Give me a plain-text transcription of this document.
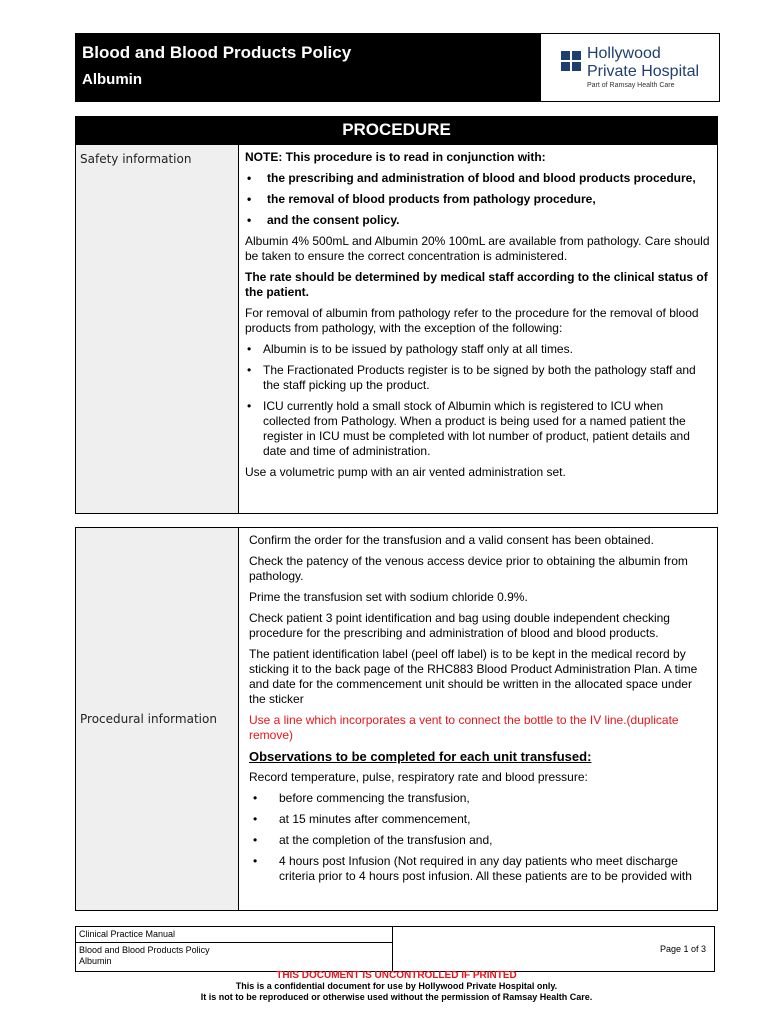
Blood and Blood Products Policy
Albumin
Hollywood
Private Hospital
Part of Ramsay Health Care
PROCEDURE
Safety information	NOTE: This procedure is to read in conjunction with:

• the prescribing and administration of blood and blood products procedure,

• the removal of blood products from pathology procedure,

• and the consent policy.

Albumin 4% 500mL and Albumin 20% 100mL are available from pathology. Care should be taken to ensure the correct concentration is administered.

The rate should be determined by medical staff according to the clinical status of the patient.

For removal of albumin from pathology refer to the procedure for the removal of blood products from pathology, with the exception of the following:

• Albumin is to be issued by pathology staff only at all times.

• The Fractionated Products register is to be signed by both the pathology staff and the staff picking up the product.

• ICU currently hold a small stock of Albumin which is registered to ICU when collected from Pathology. When a product is being used for a named patient the register in ICU must be completed with lot number of product, patient details and date and time of administration.

Use a volumetric pump with an air vented administration set.

Procedural information

Confirm the order for the transfusion and a valid consent has been obtained.

Check the patency of the venous access device prior to obtaining the albumin from pathology.

Prime the transfusion set with sodium chloride 0.9%.

Check patient 3 point identification and bag using double independent checking procedure for the prescribing and administration of blood and blood products.

The patient identification label (peel off label) is to be kept in the medical record by sticking it to the back page of the RHC883 Blood Product Administration Plan. A time and date for the commencement unit should be written in the allocated space under the sticker

Use a line which incorporates a vent to connect the bottle to the IV line.(duplicate remove)

Observations to be completed for each unit transfused:

Record temperature, pulse, respiratory rate and blood pressure:

• before commencing the transfusion,

• at 15 minutes after commencement,

• at the completion of the transfusion and,

• 4 hours post Infusion (Not required in any day patients who meet discharge criteria prior to 4 hours post infusion. All these patients are to be provided with

Clinical Practice Manual
Blood and Blood Products Policy
Albumin
Page 1 of 3
THIS DOCUMENT IS UNCONTROLLED IF PRINTED
This is a confidential document for use by Hollywood Private Hospital only.
It is not to be reproduced or otherwise used without the permission of Ramsay Health Care.
